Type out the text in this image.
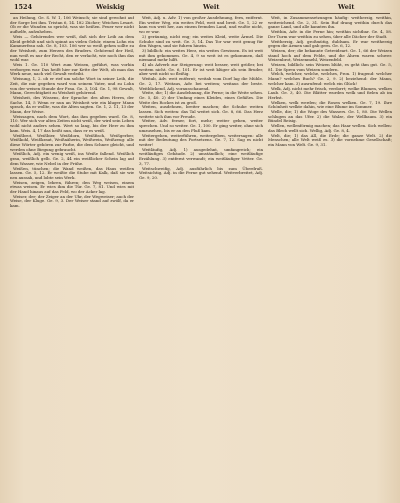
1524	Weiskig	Weit	Weit

an Heilung, Ge. S. W. 1, 106 Weinsch; sie sind gewohnt auf der Sorge bei ihm. Tristan 6, 14. 182 Zücher; Weichen Lesart. Ob er die Wunden so spricht, was sie heißen. Feuer wer nicht aufhelfe, aufzuheben.

Weis — Gehörendes wer weiß, daß sich der Leib an dem Kleid gefehlt und sich spinnt an vielen Gehör, einem Lohn ein Kammerfrau sah. Ge. 8, 103. 106 wer so weiß gehen sollte zu der Weisheit, zum Herzen des Bruders. Gehörend der Heil, nun weiß es nur der Recht, den er verlacht, wie noch ihm das wohl war.

Weis 1. Ge. 110 Wert zum Weisen, geführt, was vorhin verborgen war. Das heißt hier zur Kette der Welt, ob man das Werk neue, nach viel Gewalt verleiht.

Weisung, 1, 2. ob er rief um solche Wort in seiner Leib, die Zeit, die mir gegeben ward von seinem Vater, und zu Lohn von der weisen Stunde der Frau. Ge. 3, 104. Ge. 1, 98 Gewalt, Mann, Gerechtigkeit zu Weisheit gehörend.

Weisheit, des Wissens, der Sprache: des alten Herrn, der Sache. 14, 5 Wenn er nun an Weisheit wie ein kluger Mann sprach, da er wollte, was die Alten sagten. Ge. 1, 2. 11, 13 der Mann, der Weise.

Weissagen, nach dem Wort, das ihm gegeben ward. Ge. 8, 110. Wer sich vor alten Zeiten nicht weiß, der wird sein Leben wohl nicht anders sehen. Wert so lang, bis der Herr zu ihm kam. Weis. 4, 17 das heißt nun, dass er es weiß.

Weißbrot, Weißbier, Weißdorn, Weißfisch, Weißgerber, Weißkohl, Weißkraut, Weißnäherin, Weißwein, Weißzeug: alle diese Wörter gehören zur Farbe, die dem Schnee gleicht, und werden ohne Biegung gebraucht.

Weißlich, Adj. ein wenig weiß, ins Weiße fallend. Weißlich grau, weißlich gelb. Ge. 2, 44 ein weißlicher Schein lag auf dem Wasser, wie Nebel in der Frühe.

Weißen, tünchen; die Wand weißen, das Haus weißen lassen. Ge. 5, 12. Er weißte die Stube mit Kalk, daß sie wie neu aussah, und lobte sein Werk.

Weisen, zeigen, lehren, führen; den Weg weisen, einem etwas weisen. Er wies ihm die Tür. Ge. 7, 81. Und wies mit der Hand hinaus auf das Feld, wo der Acker lag.

Weiser, der; der Zeiger an der Uhr, der Wegweiser; auch der Weise, der Kluge. Ge. 9, 3. Der Weiser stand auf zwölf, da er kam.

Weit, Adj. u. Adv. 1) von großer Ausdehnung, fern, entfernt. Ein weiter Weg, ein weites Feld, weit und breit. Ge. 1, 22 er kam von weit her, aus einem fremden Land, und wußte nicht, wo er war.

2) geräumig, nicht eng; ein weites Kleid, weite Ärmel. Die Schuhe sind zu weit. Ge. 3, 14. Das Tor war weit genug für den Wagen, und sie fuhren hinein.

3) bildlich: ein weites Herz, ein weites Gewissen. Es ist weit mit ihm gekommen. Ge. 4, 9 so weit ist es gekommen, daß niemand mehr hilft.

4) als Adverb zur Steigerung: weit besser, weit größer, bei weitem nicht. Ge. 6, 101. Er ist weit klüger als sein Bruder, aber weit nicht so fleißig.

Weitab, Adv. weit entfernt; weitab vom Dorf lag die Mühle. Ge. 2, 17. Weitaus, Adv. bei weitem; weitaus der beste. Weitblickend, Adj. vorausschauend.

Weite, die; 1) die Ausdehnung, die Ferne; in die Weite sehen. Ge. 5, 40. 2) der Umfang eines Kleides, eines Gefäßes. Die Weite des Rockes ist zu groß.

Weiten, ausdehnen, breiter machen; die Schuhe weiten lassen. Sich weiten: das Tal weitet sich. Ge. 8, 66. Das Herz weitete sich ihm vor Freude.

Weiter, Adv. ferner, fort, mehr; weiter gehen, weiter sprechen. Und so weiter. Ge. 1, 100. Er ging weiter, ohne sich umzusehen, bis er an den Fluß kam.

Weitergehen, weiterführen, weitergeben, weitersagen: alle mit der Bedeutung des Fortsetzens. Ge. 7, 12. Sag es nicht weiter!

Weitläufig, Adj. 1) ausgedehnt, umfangreich; ein weitläufiges Gebäude. 2) umständlich; eine weitläufige Erzählung. 3) entfernt verwandt; ein weitläufiger Vetter. Ge. 3, 77.

Weitschweifig, Adj. ausführlich bis zum Überdruß. Weitsichtig, Adj. in die Ferne gut sehend. Weitverbreitet, Adj. Ge. 9, 20.

Weit, in Zusammensetzungen häufig: weitherzig, weithin, weitreichend. Ge. 2, 31. Sein Ruf drang weithin durch das ganze Land, und alle kannten ihn.

Weithin, Adv. in die Ferne hin; weithin sichtbar. Ge. 4, 58. Der Turm war weithin zu sehen, über alle Dächer der Stadt.

Weitherzig, Adj. großmütig, duldsam. Er war weitherzig gegen die Armen und gab gern. Ge. 6, 12.

Weizen, der; die bekannte Getreideart. Ge. 1, 66 der Weizen stand hoch auf dem Felde, und die Ähren waren schwer. Weizenbrot, Weizenmehl, Weizenfeld.

Weizen, bildlich: sein Weizen blüht, es geht ihm gut. Ge. 5, 81. Die Spreu vom Weizen sondern.

Welch, welcher, welche, welches, Pron. 1) fragend: welcher Mann? welches Buch? Ge. 2, 9. 2) beziehend: der Mann, welcher kam. 3) ausrufend: welch ein Glück!

Welk, Adj. nicht mehr frisch, verdorrt; welke Blumen, welkes Laub. Ge. 3, 40. Die Blätter wurden welk und fielen ab im Herbst.

Welken, welk werden; die Rosen welken. Ge. 7, 19. Ihre Schönheit welkte dahin, wie eine Blume im Sommer.

Welle, die; 1) die Woge des Wassers. Ge. 1, 80. Die Wellen schlugen an das Ufer. 2) die Walze, der Wellbaum. 3) ein Bündel Reisig.

Wellen, wellenförmig machen; das Haar wellen. Sich wellen: das Blech wellt sich. Wellig, Adj. Ge. 8, 4.

Welt, die; 1) das All, die Erde; die ganze Welt. 2) die Menschen; alle Welt weiß es. 3) die vornehme Gesellschaft; ein Mann von Welt. Ge. 9, 31.
